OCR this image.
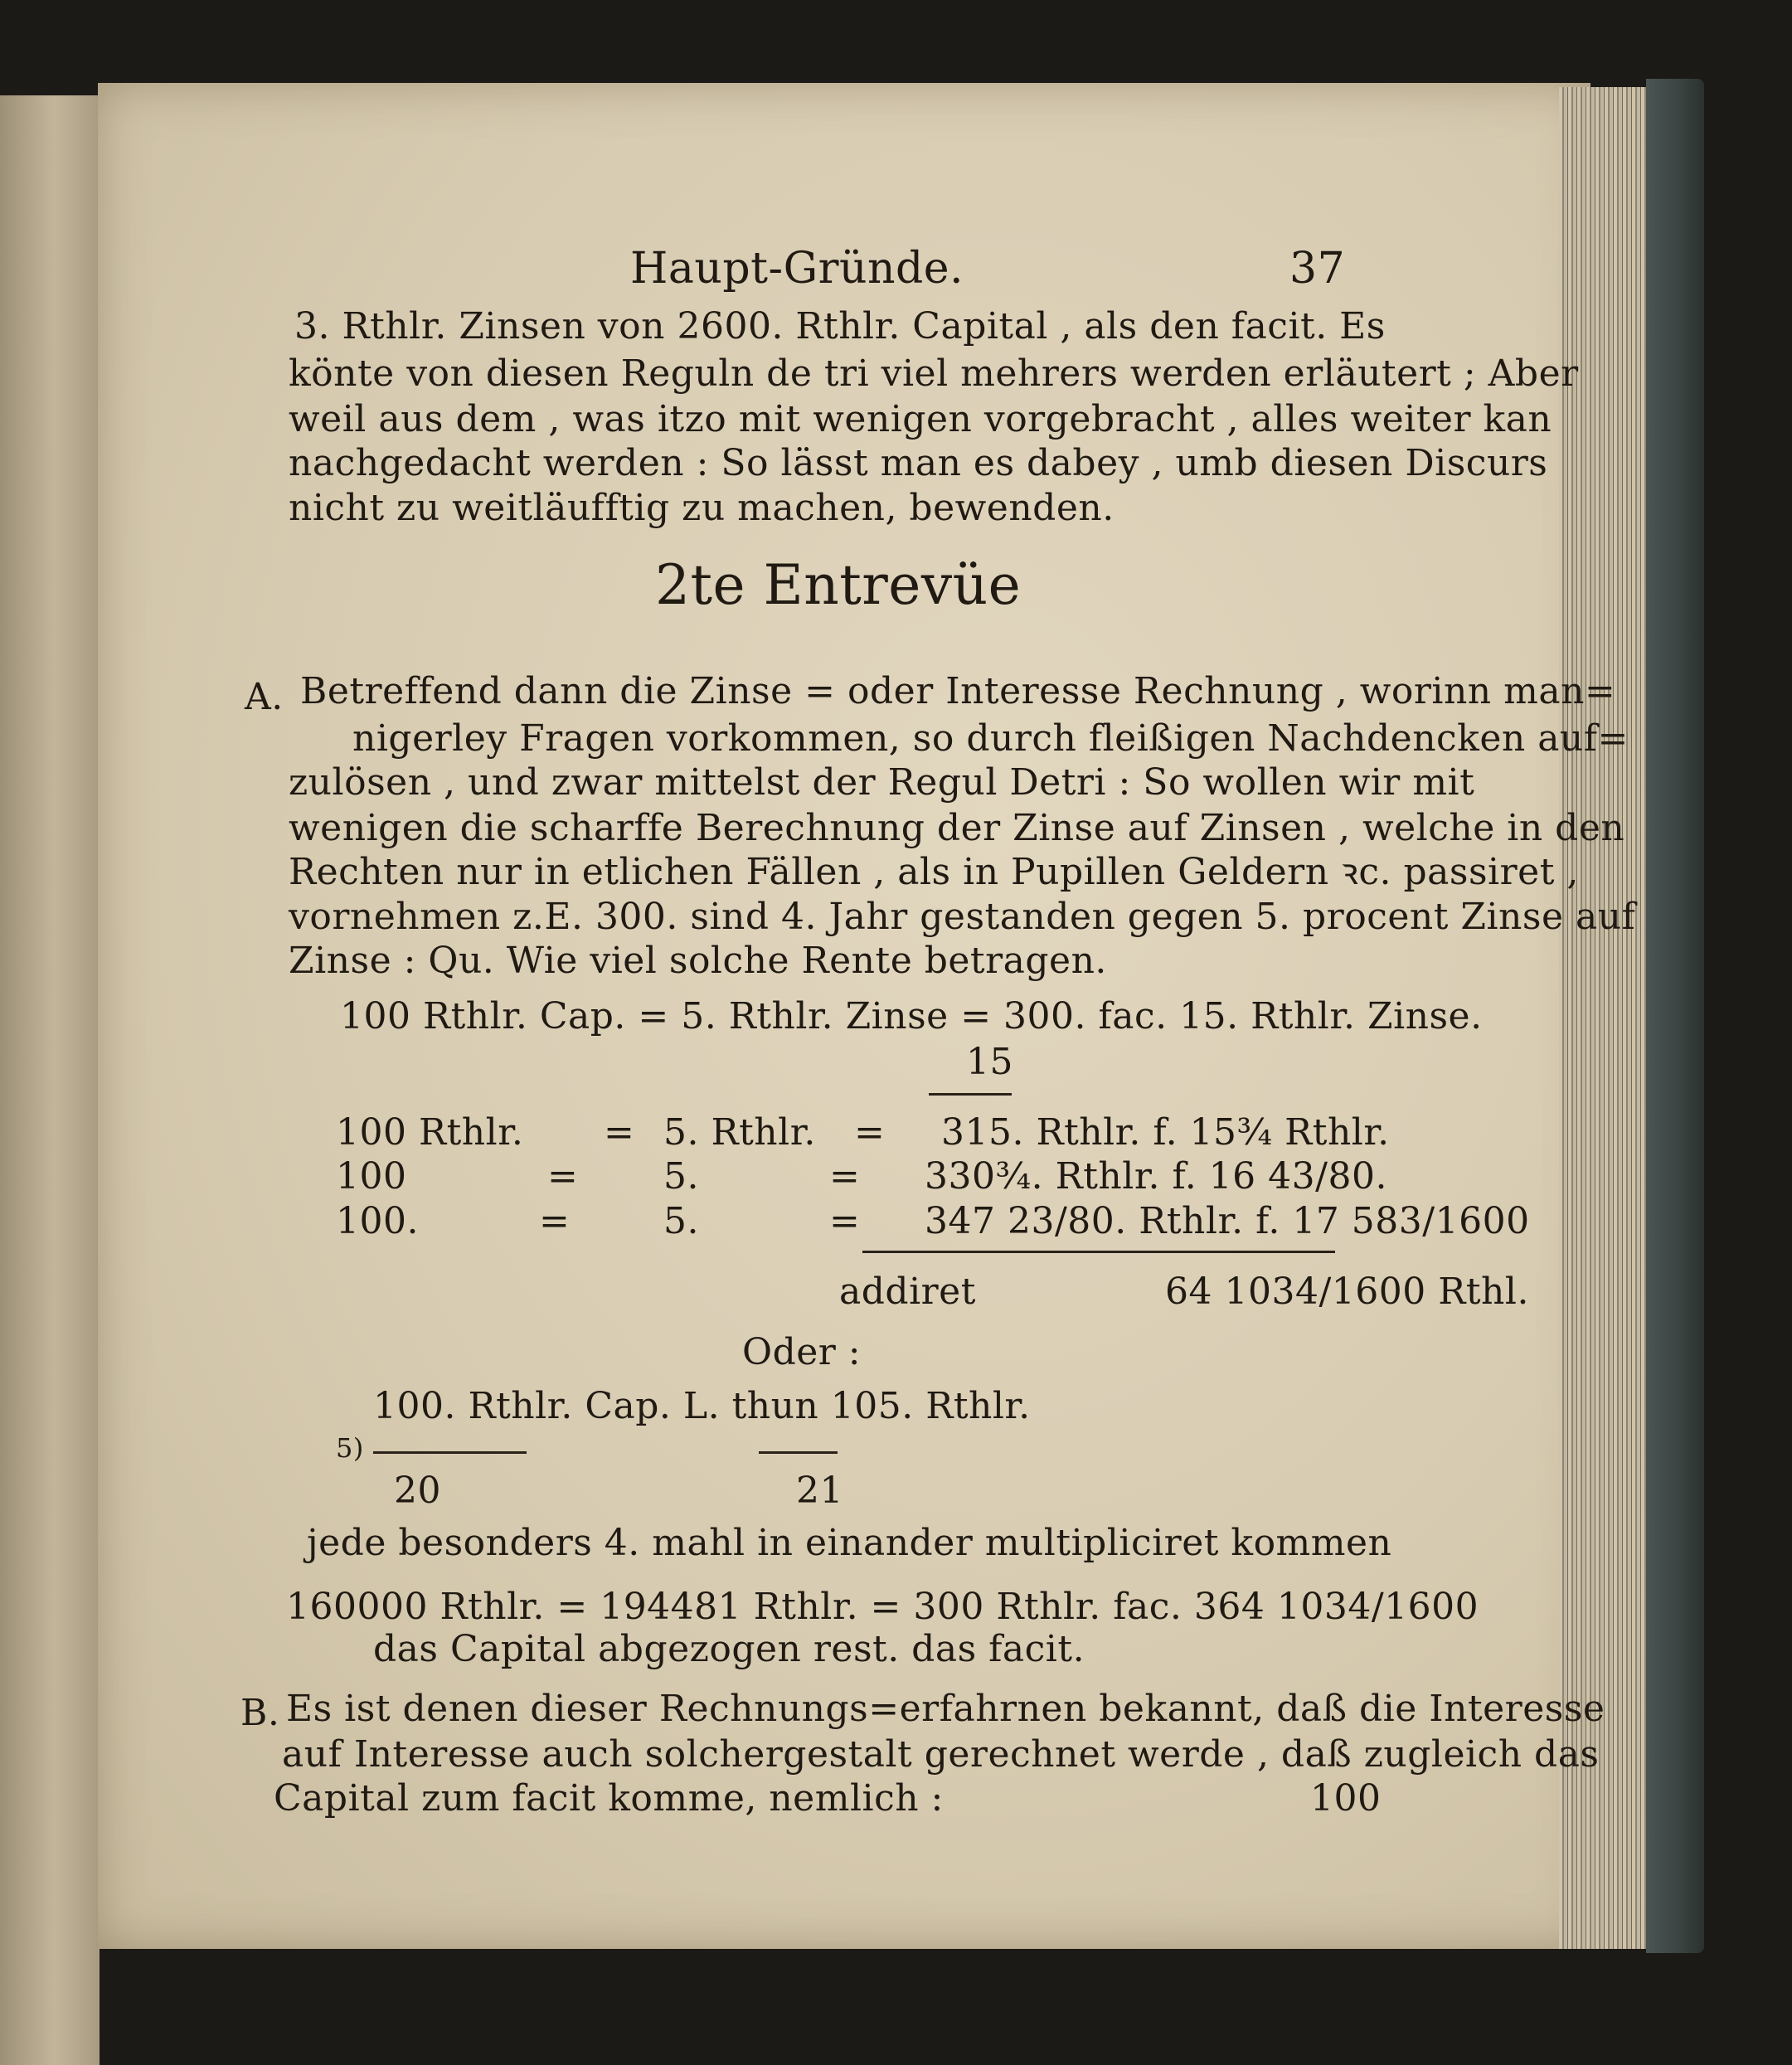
Haupt-Gründe.	37
3. Rthlr. Zinsen von 2600. Rthlr. Capital , als den facit. Es
könte von diesen Reguln de tri viel mehrers werden erläutert ; Aber
weil aus dem , was itzo mit wenigen vorgebracht , alles weiter kan
nachgedacht werden : So lässt man es dabey , umb diesen Discurs
nicht zu weitläufftig zu machen, bewenden.
2te Entrevüe
A. Betreffend dann die Zinse = oder Interesse Rechnung , worinn man=
nigerley Fragen vorkommen, so durch fleißigen Nachdencken auf=
zulösen , und zwar mittelst der Regul Detri : So wollen wir mit
wenigen die scharffe Berechnung der Zinse auf Zinsen , welche in den
Rechten nur in etlichen Fällen , als in Pupillen Geldern ꝛc. passiret ,
vornehmen z.E. 300. sind 4. Jahr gestanden gegen 5. procent Zinse auf
Zinse : Qu. Wie viel solche Rente betragen.
100 Rthlr. Cap. = 5. Rthlr. Zinse = 300. fac. 15. Rthlr. Zinse.
15
100 Rthlr. = 5. Rthlr. = 315. Rthlr. f. 15¾ Rthlr.
100	= 5.	= 330¾. Rthlr. f. 16 43/80.
100.	=	5.	= 347 23/80. Rthlr. f. 17 583/1600
addiret	64 1034/1600 Rthl.
Oder :
100. Rthlr. Cap. L. thun 105. Rthlr.
5)
20	21
jede besonders 4. mahl in einander multipliciret kommen
160000 Rthlr. = 194481 Rthlr. = 300 Rthlr. fac. 364 1034/1600
das Capital abgezogen rest. das facit.
B. Es ist denen dieser Rechnungs=erfahrnen bekannt, daß die Interesse
auf Interesse auch solchergestalt gerechnet werde , daß zugleich das
Capital zum facit komme, nemlich :	100
